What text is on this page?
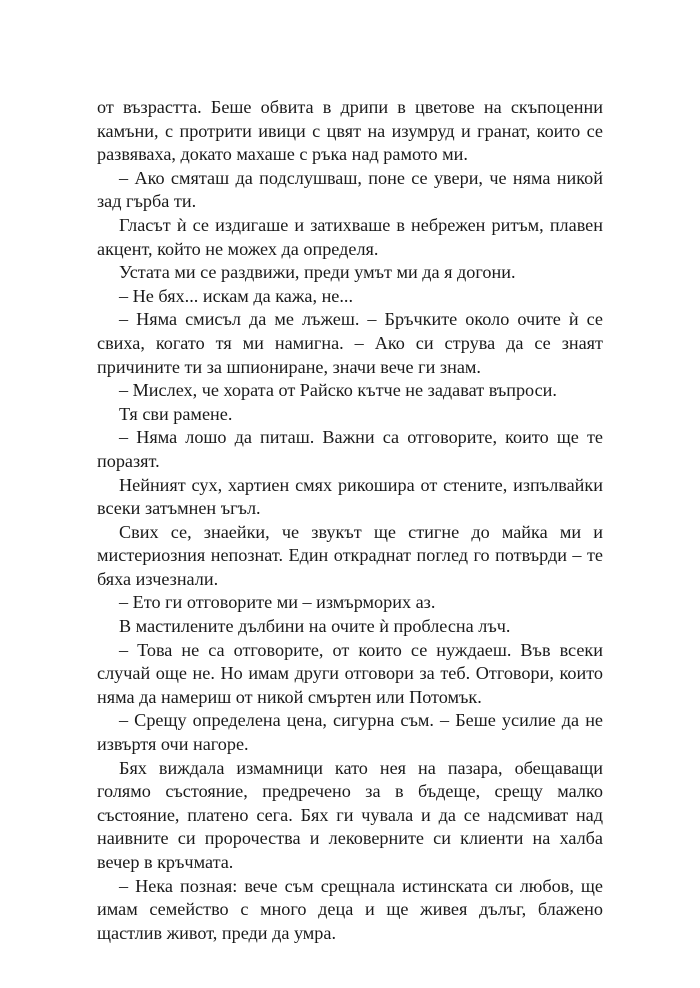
от възрастта. Беше обвита в дрипи в цветове на скъпоценни камъни, с протрити ивици с цвят на изумруд и гранат, които се развяваха, докато махаше с ръка над рамото ми.

– Ако смяташ да подслушваш, поне се увери, че няма никой зад гърба ти.

Гласът ѝ се издигаше и затихваше в небрежен ритъм, плавен акцент, който не можех да определя.

Устата ми се раздвижи, преди умът ми да я догони.

– Не бях... искам да кажа, не...

– Няма смисъл да ме лъжеш. – Бръчките около очите ѝ се свиха, когато тя ми намигна. – Ако си струва да се знаят причините ти за шпиониране, значи вече ги знам.

– Мислех, че хората от Райско кътче не задават въпроси.

Тя сви рамене.

– Няма лошо да питаш. Важни са отговорите, които ще те поразят.

Нейният сух, хартиен смях рикошира от стените, изпълвайки всеки затъмнен ъгъл.

Свих се, знаейки, че звукът ще стигне до майка ми и мистериозния непознат. Един откраднат поглед го потвърди – те бяха изчезнали.

– Ето ги отговорите ми – измърморих аз.

В мастилените дълбини на очите ѝ проблесна лъч.

– Това не са отговорите, от които се нуждаеш. Във всеки случай още не. Но имам други отговори за теб. Отговори, които няма да намериш от никой смъртен или Потомък.

– Срещу определена цена, сигурна съм. – Беше усилие да не извъртя очи нагоре.

Бях виждала измамници като нея на пазара, обещаващи голямо състояние, предречено за в бъдеще, срещу малко състояние, платено сега. Бях ги чувала и да се надсмиват над наивните си пророчества и лековерните си клиенти на халба вечер в кръчмата.

– Нека позная: вече съм срещнала истинската си любов, ще имам семейство с много деца и ще живея дълъг, блажено щастлив живот, преди да умра.
